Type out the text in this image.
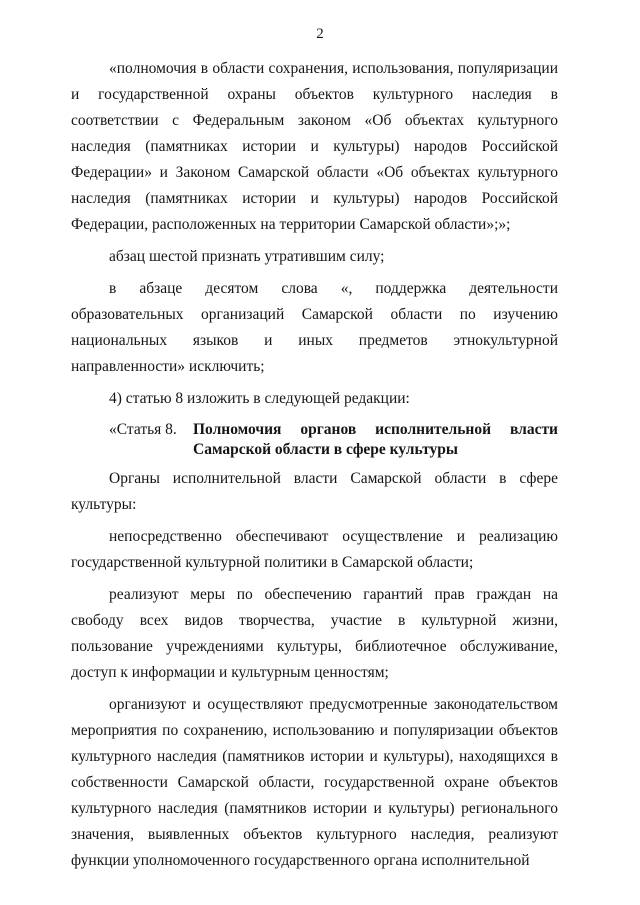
2

«полномочия в области сохранения, использования, популяризации и государственной охраны объектов культурного наследия в соответствии с Федеральным законом «Об объектах культурного наследия (памятниках истории и культуры) народов Российской Федерации» и Законом Самарской области «Об объектах культурного наследия (памятниках истории и культуры) народов Российской Федерации, расположенных на территории Самарской области»;»;

абзац шестой признать утратившим силу;

в абзаце десятом слова «, поддержка деятельности образовательных организаций Самарской области по изучению национальных языков и иных предметов этнокультурной направленности» исключить;

4) статью 8 изложить в следующей редакции:

«Статья 8.	Полномочия органов исполнительной власти
Самарской области в сфере культуры

Органы исполнительной власти Самарской области в сфере культуры:

непосредственно обеспечивают осуществление и реализацию государственной культурной политики в Самарской области;

реализуют меры по обеспечению гарантий прав граждан на свободу всех видов творчества, участие в культурной жизни, пользование учреждениями культуры, библиотечное обслуживание, доступ к информации и культурным ценностям;

организуют и осуществляют предусмотренные законодательством мероприятия по сохранению, использованию и популяризации объектов культурного наследия (памятников истории и культуры), находящихся в собственности Самарской области, государственной охране объектов культурного наследия (памятников истории и культуры) регионального значения, выявленных объектов культурного наследия, реализуют функции уполномоченного государственного органа исполнительной
